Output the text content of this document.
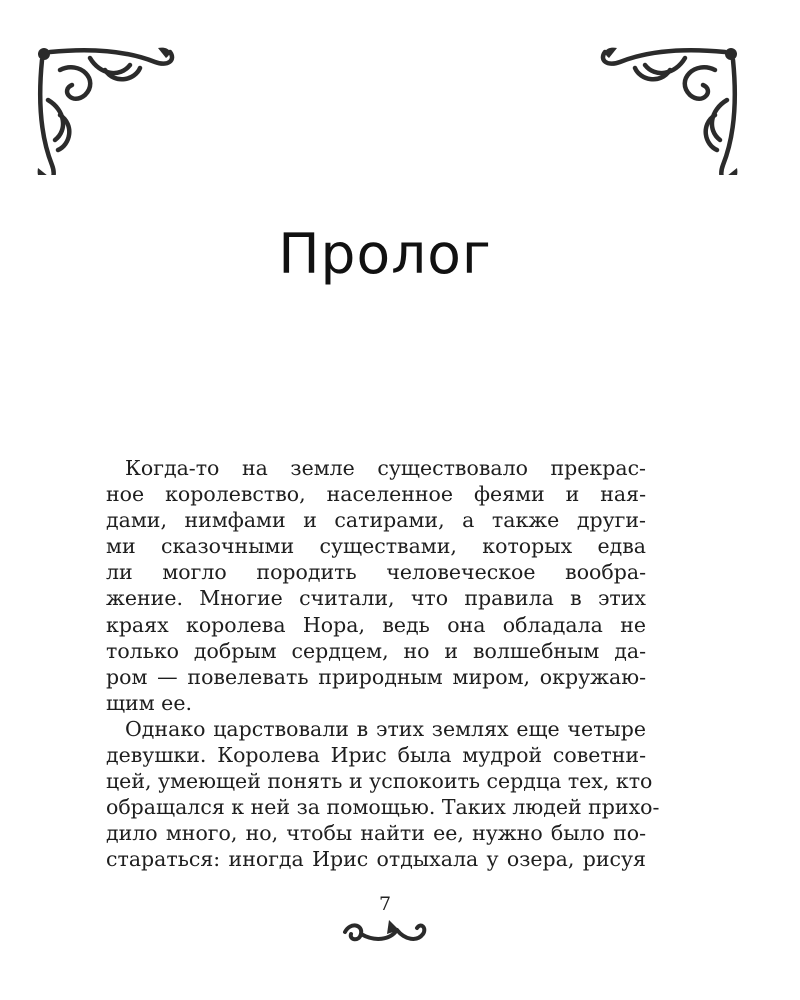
Пролог
Когда-то на земле существовало прекрас-
ное королевство, населенное феями и ная-
дами, нимфами и сатирами, а также други-
ми сказочными существами, которых едва
ли могло породить человеческое вообра-
жение. Многие считали, что правила в этих
краях королева Нора, ведь она обладала не
только добрым сердцем, но и волшебным да-
ром — повелевать природным миром, окружаю-
щим ее.
Однако царствовали в этих землях еще четыре
девушки. Королева Ирис была мудрой советни-
цей, умеющей понять и успокоить сердца тех, кто
обращался к ней за помощью. Таких людей прихо-
дило много, но, чтобы найти ее, нужно было по-
стараться: иногда Ирис отдыхала у озера, рисуя
7
